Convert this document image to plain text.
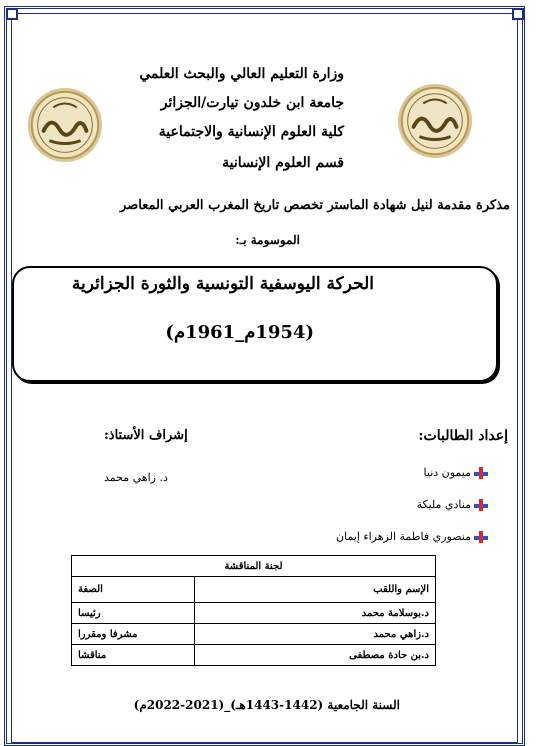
وزارة التعليم العالي والبحث العلمي
جامعة ابن خلدون تيارت/الجزائر
كلية العلوم الإنسانية والاجتماعية
قسم العلوم الإنسانية
مذكرة مقدمة لنيل شهادة الماستر تخصص تاريخ المغرب العربي المعاصر
الموسومة بـ:
الحركة اليوسفية التونسية والثورة الجزائرية
(1954م_1961م)
إعداد الطالبات:
إشراف الأستاذ:
ميمون دنيا
منادي مليكة
منصوري فاطمة الزهراء إيمان
د. زاهي محمد
لجنة المناقشة	
الإسم واللقب	الصفة
د.بوسلامة محمد	رئيسا
د.زاهي محمد	مشرفا ومقررا
د.بن حادة مصطفى	مناقشا
السنة الجامعية (1442-1443هـ)_(2021-2022م)
